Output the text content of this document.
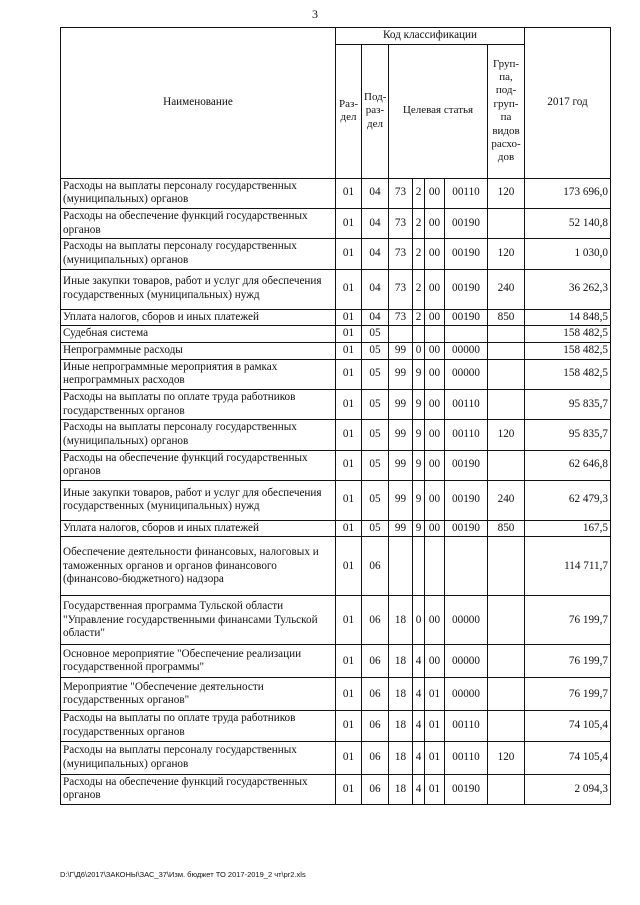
3
Наименование	Код классификации							2017 год
	Раз-дел	Под-раз-дел	Целевая статья				Груп-па, под-груп-па видов расхо-дов	
Расходы на выплаты персоналу государственных (муниципальных) органов	01	04	73	2	00	00110	120	173 696,0
Расходы на обеспечение функций государственных органов	01	04	73	2	00	00190		52 140,8
Расходы на выплаты персоналу государственных (муниципальных) органов	01	04	73	2	00	00190	120	1 030,0
Иные закупки товаров, работ и услуг для обеспечения государственных (муниципальных) нужд	01	04	73	2	00	00190	240	36 262,3
Уплата налогов, сборов и иных платежей	01	04	73	2	00	00190	850	14 848,5
Судебная система	01	05						158 482,5
Непрограммные расходы	01	05	99	0	00	00000		158 482,5
Иные непрограммные мероприятия в рамках непрограммных расходов	01	05	99	9	00	00000		158 482,5
Расходы на выплаты по оплате труда работников государственных органов	01	05	99	9	00	00110		95 835,7
Расходы на выплаты персоналу государственных (муниципальных) органов	01	05	99	9	00	00110	120	95 835,7
Расходы на обеспечение функций государственных органов	01	05	99	9	00	00190		62 646,8
Иные закупки товаров, работ и услуг для обеспечения государственных (муниципальных) нужд	01	05	99	9	00	00190	240	62 479,3
Уплата налогов, сборов и иных платежей	01	05	99	9	00	00190	850	167,5
Обеспечение деятельности финансовых, налоговых и таможенных органов и органов финансового (финансово-бюджетного) надзора	01	06						114 711,7
Государственная программа Тульской области "Управление государственными финансами Тульской области"	01	06	18	0	00	00000		76 199,7
Основное мероприятие "Обеспечение реализации государственной программы"	01	06	18	4	00	00000		76 199,7
Мероприятие "Обеспечение деятельности государственных органов"	01	06	18	4	01	00000		76 199,7
Расходы на выплаты по оплате труда работников государственных органов	01	06	18	4	01	00110		74 105,4
Расходы на выплаты персоналу государственных (муниципальных) органов	01	06	18	4	01	00110	120	74 105,4
Расходы на обеспечение функций государственных органов	01	06	18	4	01	00190		2 094,3
D:\Г\Д6\2017\ЗАКОНЫ\ЗАС_37\Изм. бюджет ТО 2017-2019_2 чт\pr2.xls
